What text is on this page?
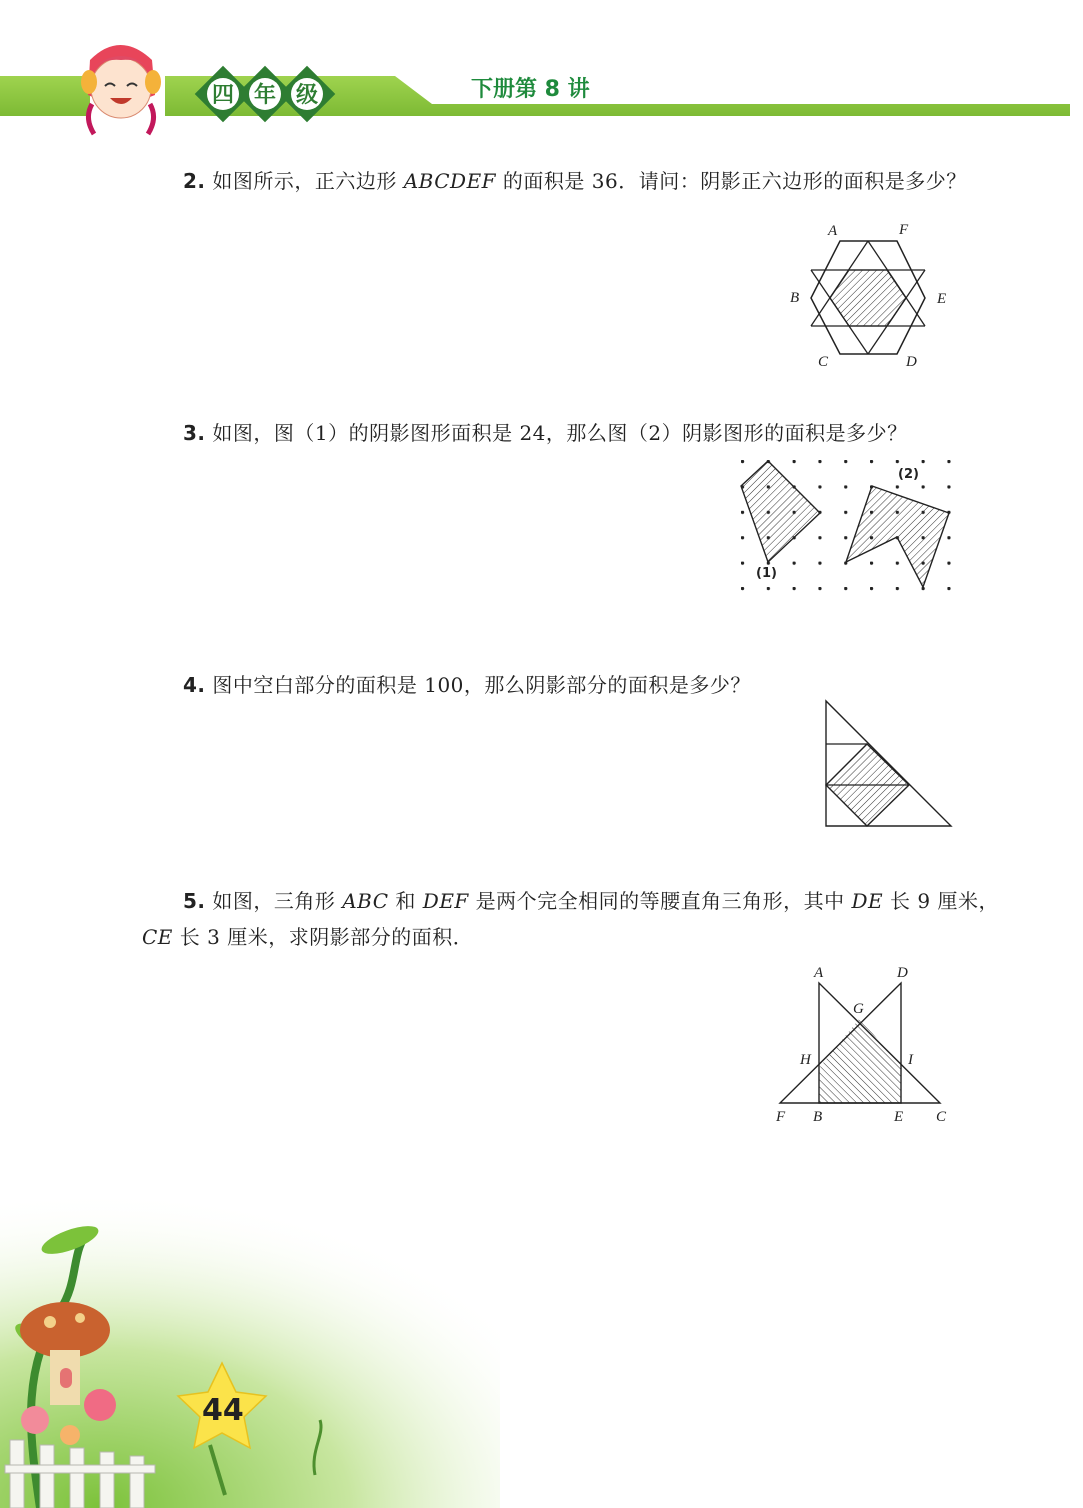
四 年 级	下册第 8 讲
2. 如图所示，正六边形 ABCDEF 的面积是 36．请问：阴影正六边形的面积是多少？
A	F
B	E
C	D
3. 如图，图（1）的阴影图形面积是 24，那么图（2）阴影图形的面积是多少？
(1)
(2)
4. 图中空白部分的面积是 100，那么阴影部分的面积是多少？
5. 如图，三角形 ABC 和 DEF 是两个完全相同的等腰直角三角形，其中 DE 长 9 厘米，
CE 长 3 厘米，求阴影部分的面积．
A	D
G
H	I
F B	E C
44
